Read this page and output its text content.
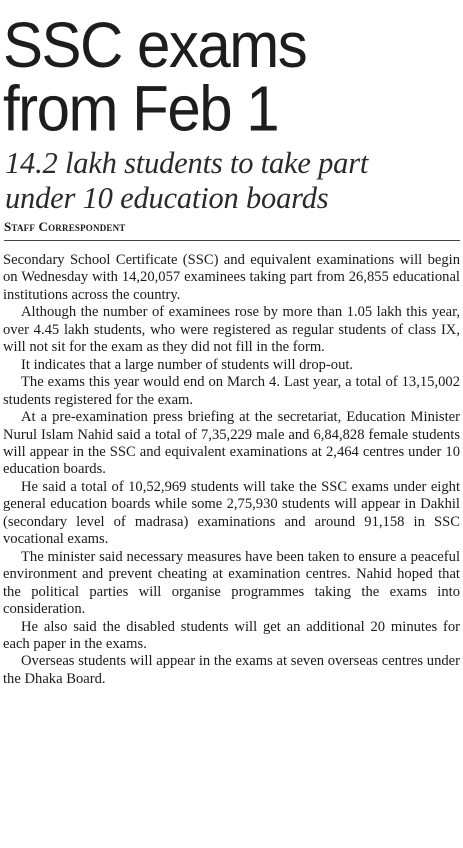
SSC exams
from Feb 1
14.2 lakh students to take part
under 10 education boards
Staff Correspondent

Secondary School Certificate (SSC) and equivalent examinations will begin on Wednesday with 14,20,057 examinees taking part from 26,855 educational institutions across the country.

Although the number of examinees rose by more than 1.05 lakh this year, over 4.45 lakh students, who were registered as regular students of class IX, will not sit for the exam as they did not fill in the form.

It indicates that a large number of students will drop-out.

The exams this year would end on March 4. Last year, a total of 13,15,002 students registered for the exam.

At a pre-examination press briefing at the secretariat, Education Minister Nurul Islam Nahid said a total of 7,35,229 male and 6,84,828 female students will appear in the SSC and equivalent examinations at 2,464 centres under 10 education boards.

He said a total of 10,52,969 students will take the SSC exams under eight general education boards while some 2,75,930 students will appear in Dakhil (secondary level of madrasa) examinations and around 91,158 in SSC vocational exams.

The minister said necessary measures have been taken to ensure a peaceful environment and prevent cheating at examination centres. Nahid hoped that the political parties will organise programmes taking the exams into consideration.

He also said the disabled students will get an additional 20 minutes for each paper in the exams.

Overseas students will appear in the exams at seven overseas centres under the Dhaka Board.
